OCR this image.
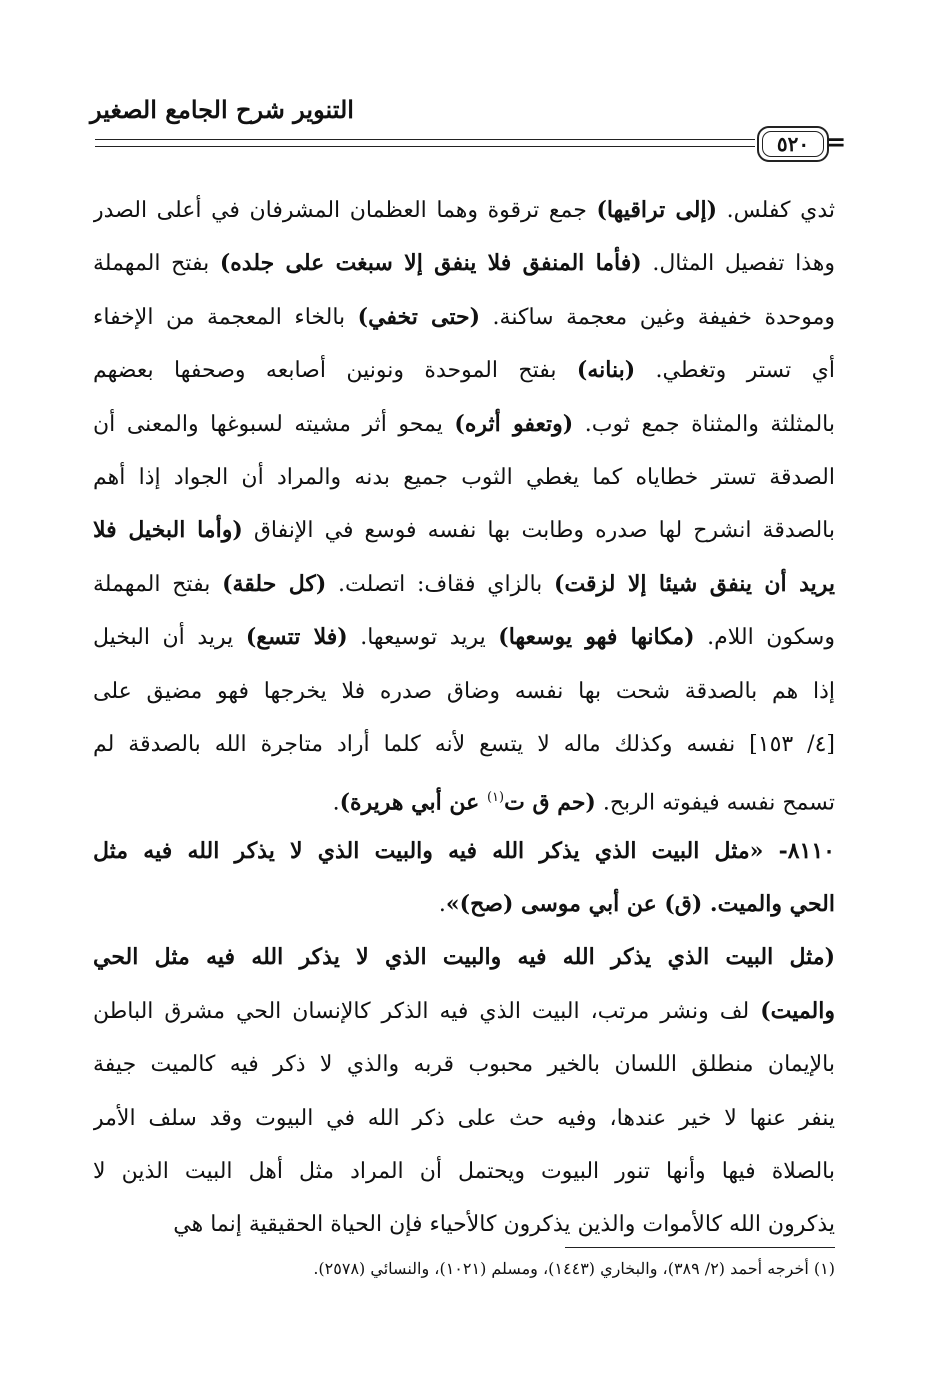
التنوير شرح الجامع الصغير
٥٢٠ =
ثدي كفلس. (إلى تراقيها) جمع ترقوة وهما العظمان المشرفان في أعلى الصدر
وهذا تفصيل المثال. (فأما المنفق فلا ينفق إلا سبغت على جلده) بفتح المهملة
وموحدة خفيفة وغين معجمة ساكنة. (حتى تخفي) بالخاء المعجمة من الإخفاء
أي تستر وتغطي. (بنانه) بفتح الموحدة ونونين أصابعه وصحفها بعضهم
بالمثلثة والمثناة جمع ثوب. (وتعفو أثره) يمحو أثر مشيته لسبوغها والمعنى أن
الصدقة تستر خطاياه كما يغطي الثوب جميع بدنه والمراد أن الجواد إذا أهم
بالصدقة انشرح لها صدره وطابت بها نفسه فوسع في الإنفاق (وأما البخيل فلا
يريد أن ينفق شيئا إلا لزقت) بالزاي فقاف: اتصلت. (كل حلقة) بفتح المهملة
وسكون اللام. (مكانها فهو يوسعها) يريد توسيعها. (فلا تتسع) يريد أن البخيل
إذا هم بالصدقة شحت بها نفسه وضاق صدره فلا يخرجها فهو مضيق على
[٤/ ١٥٣] نفسه وكذلك ماله لا يتسع لأنه كلما أراد متاجرة الله بالصدقة لم
تسمح نفسه فيفوته الربح. (حم ق ت$^{(١)}$ عن أبي هريرة).
٨١١٠- «مثل البيت الذي يذكر الله فيه والبيت الذي لا يذكر الله فيه مثل
الحي والميت. (ق) عن أبي موسى (صح)».
(مثل البيت الذي يذكر الله فيه والبيت الذي لا يذكر الله فيه مثل الحي
والميت) لف ونشر مرتب، البيت الذي فيه الذكر كالإنسان الحي مشرق الباطن
بالإيمان منطلق اللسان بالخير محبوب قربه والذي لا ذكر فيه كالميت جيفة
ينفر عنها لا خير عندها، وفيه حث على ذكر الله في البيوت وقد سلف الأمر
بالصلاة فيها وأنها تنور البيوت ويحتمل أن المراد مثل أهل البيت الذين لا
يذكرون الله كالأموات والذين يذكرون كالأحياء فإن الحياة الحقيقية إنما هي
(١) أخرجه أحمد (٢/ ٣٨٩)، والبخاري (١٤٤٣)، ومسلم (١٠٢١)، والنسائي (٢٥٧٨).
